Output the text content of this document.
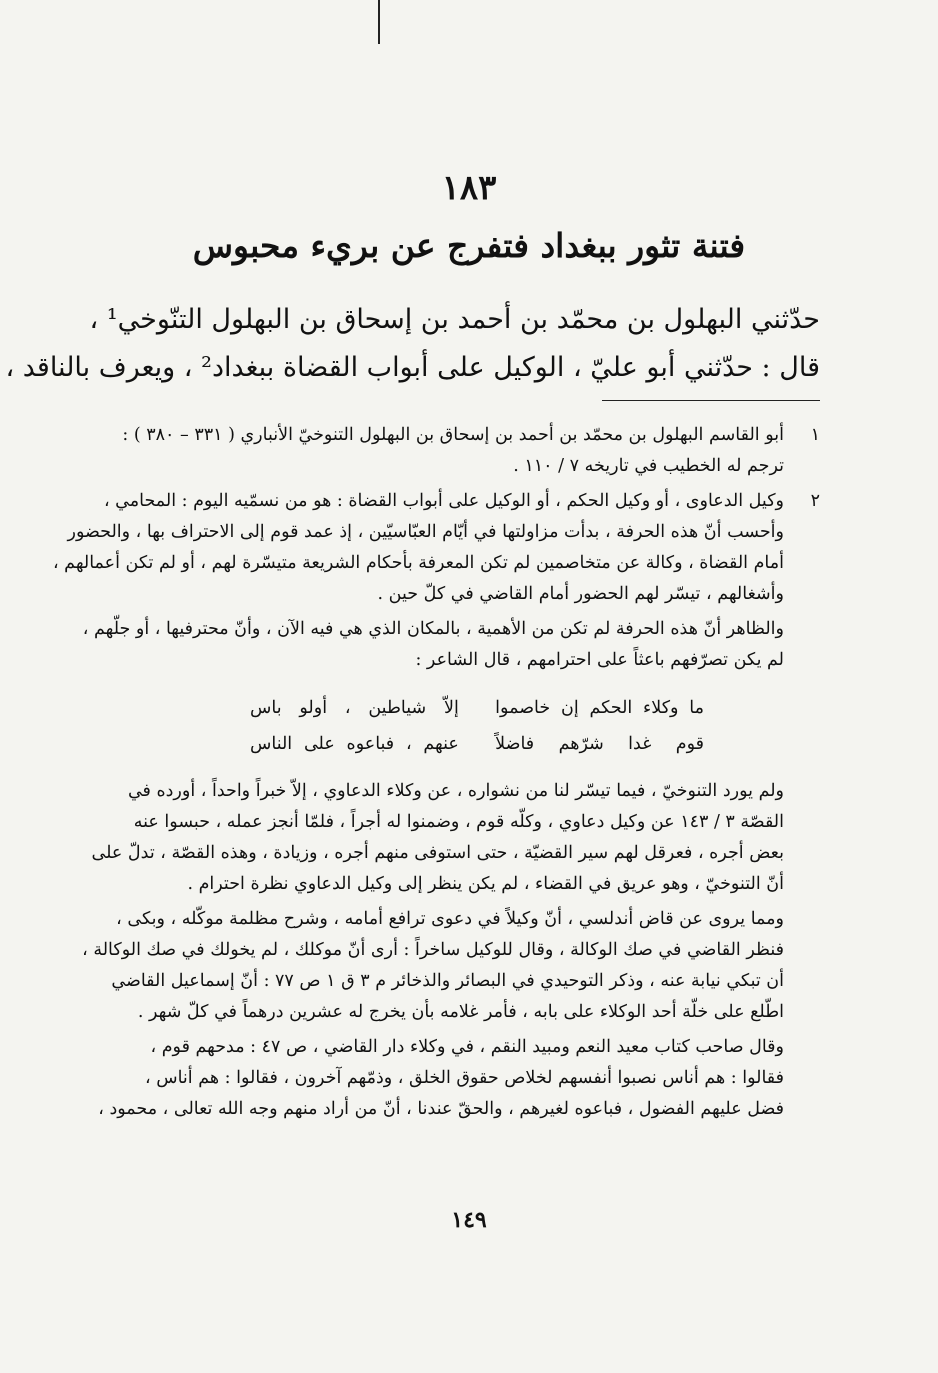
١٨٣
فتنة تثور ببغداد فتفرج عن بريء محبوس
حدّثني البهلول بن محمّد بن أحمد بن إسحاق بن البهلول التنّوخي¹ ،
قال : حدّثني أبو عليّ ، الوكيل على أبواب القضاة ببغداد² ، ويعرف بالناقد ،
١
أبو القاسم البهلول بن محمّد بن أحمد بن إسحاق بن البهلول التنوخيّ الأنباري ( ٣٣١ – ٣٨٠ ) :
ترجم له الخطيب في تاريخه ٧ / ١١٠ .
٢
وكيل الدعاوى ، أو وكيل الحكم ، أو الوكيل على أبواب القضاة : هو من نسمّيه اليوم : المحامي ،
وأحسب أنّ هذه الحرفة ، بدأت مزاولتها في أيّام العبّاسيّين ، إذ عمد قوم إلى الاحتراف بها ، والحضور
أمام القضاة ، وكالة عن متخاصمين لم تكن المعرفة بأحكام الشريعة متيسّرة لهم ، أو لم تكن أعمالهم ،
وأشغالهم ، تيسّر لهم الحضور أمام القاضي في كلّ حين .
والظاهر أنّ هذه الحرفة لم تكن من الأهمية ، بالمكان الذي هي فيه الآن ، وأنّ محترفيها ، أو جلّهم ،
لم يكن تصرّفهم باعثاً على احترامهم ، قال الشاعر :
ما وكلاء الحكم إن خاصموا
إلاّ شياطين ، أولو باس
قوم غدا شرّهم فاضلاً
عنهم ، فباعوه على الناس
ولم يورد التنوخيّ ، فيما تيسّر لنا من نشواره ، عن وكلاء الدعاوي ، إلاّ خبراً واحداً ، أورده في
القصّة ٣ / ١٤٣ عن وكيل دعاوي ، وكلّه قوم ، وضمنوا له أجراً ، فلمّا أنجز عمله ، حبسوا عنه
بعض أجره ، فعرقل لهم سير القضيّة ، حتى استوفى منهم أجره ، وزيادة ، وهذه القصّة ، تدلّ على
أنّ التنوخيّ ، وهو عريق في القضاء ، لم يكن ينظر إلى وكيل الدعاوي نظرة احترام .
ومما يروى عن قاض أندلسي ، أنّ وكيلاً في دعوى ترافع أمامه ، وشرح مظلمة موكّله ، وبكى ،
فنظر القاضي في صك الوكالة ، وقال للوكيل ساخراً : أرى أنّ موكلك ، لم يخولك في صك الوكالة ،
أن تبكي نيابة عنه ، وذكر التوحيدي في البصائر والذخائر م ٣ ق ١ ص ٧٧ : أنّ إسماعيل القاضي
اطّلع على خلّة أحد الوكلاء على بابه ، فأمر غلامه بأن يخرج له عشرين درهماً في كلّ شهر .
وقال صاحب كتاب معيد النعم ومبيد النقم ، في وكلاء دار القاضي ، ص ٤٧ : مدحهم قوم ،
فقالوا : هم أناس نصبوا أنفسهم لخلاص حقوق الخلق ، وذمّهم آخرون ، فقالوا : هم أناس ،
فضل عليهم الفضول ، فباعوه لغيرهم ، والحقّ عندنا ، أنّ من أراد منهم وجه الله تعالى ، محمود ،
١٤٩
